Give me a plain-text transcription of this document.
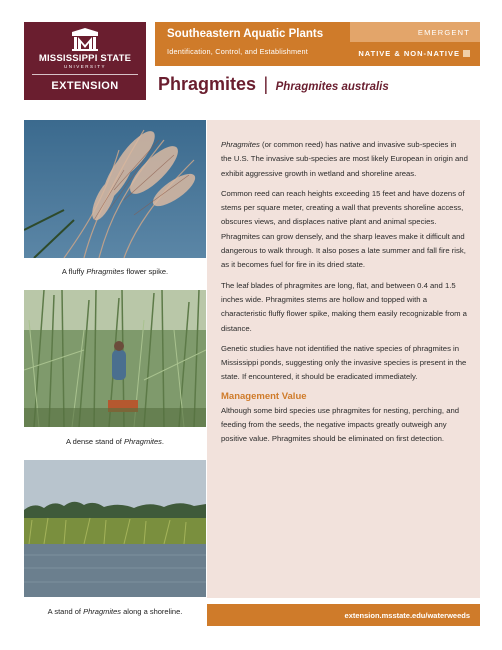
MISSISSIPPI STATE
UNIVERSITY
EXTENSION
Southeastern Aquatic Plants
Identification, Control, and Establishment
EMERGENT
NATIVE & NON-NATIVE
Phragmites | Phragmites australis
A fluffy Phragmites flower spike.
A dense stand of Phragmites.
A stand of Phragmites along a shoreline.

Phragmites (or common reed) has native and invasive sub-species in the U.S. The invasive sub-species are most likely European in origin and exhibit aggressive growth in wetland and shoreline areas.

Common reed can reach heights exceeding 15 feet and have dozens of stems per square meter, creating a wall that prevents shoreline access, obscures views, and displaces native plant and animal species. Phragmites can grow densely, and the sharp leaves make it difficult and dangerous to walk through. It also poses a late summer and fall fire risk, as it becomes fuel for fire in its dried state.

The leaf blades of phragmites are long, flat, and between 0.4 and 1.5 inches wide. Phragmites stems are hollow and topped with a characteristic fluffy flower spike, making them easily recognizable from a distance.

Genetic studies have not identified the native species of phragmites in Mississippi ponds, suggesting only the invasive species is present in the state. If encountered, it should be eradicated immediately.

Management Value

Although some bird species use phragmites for nesting, perching, and feeding from the seeds, the negative impacts greatly outweigh any positive value. Phragmites should be eliminated on first detection.

extension.msstate.edu/waterweeds
